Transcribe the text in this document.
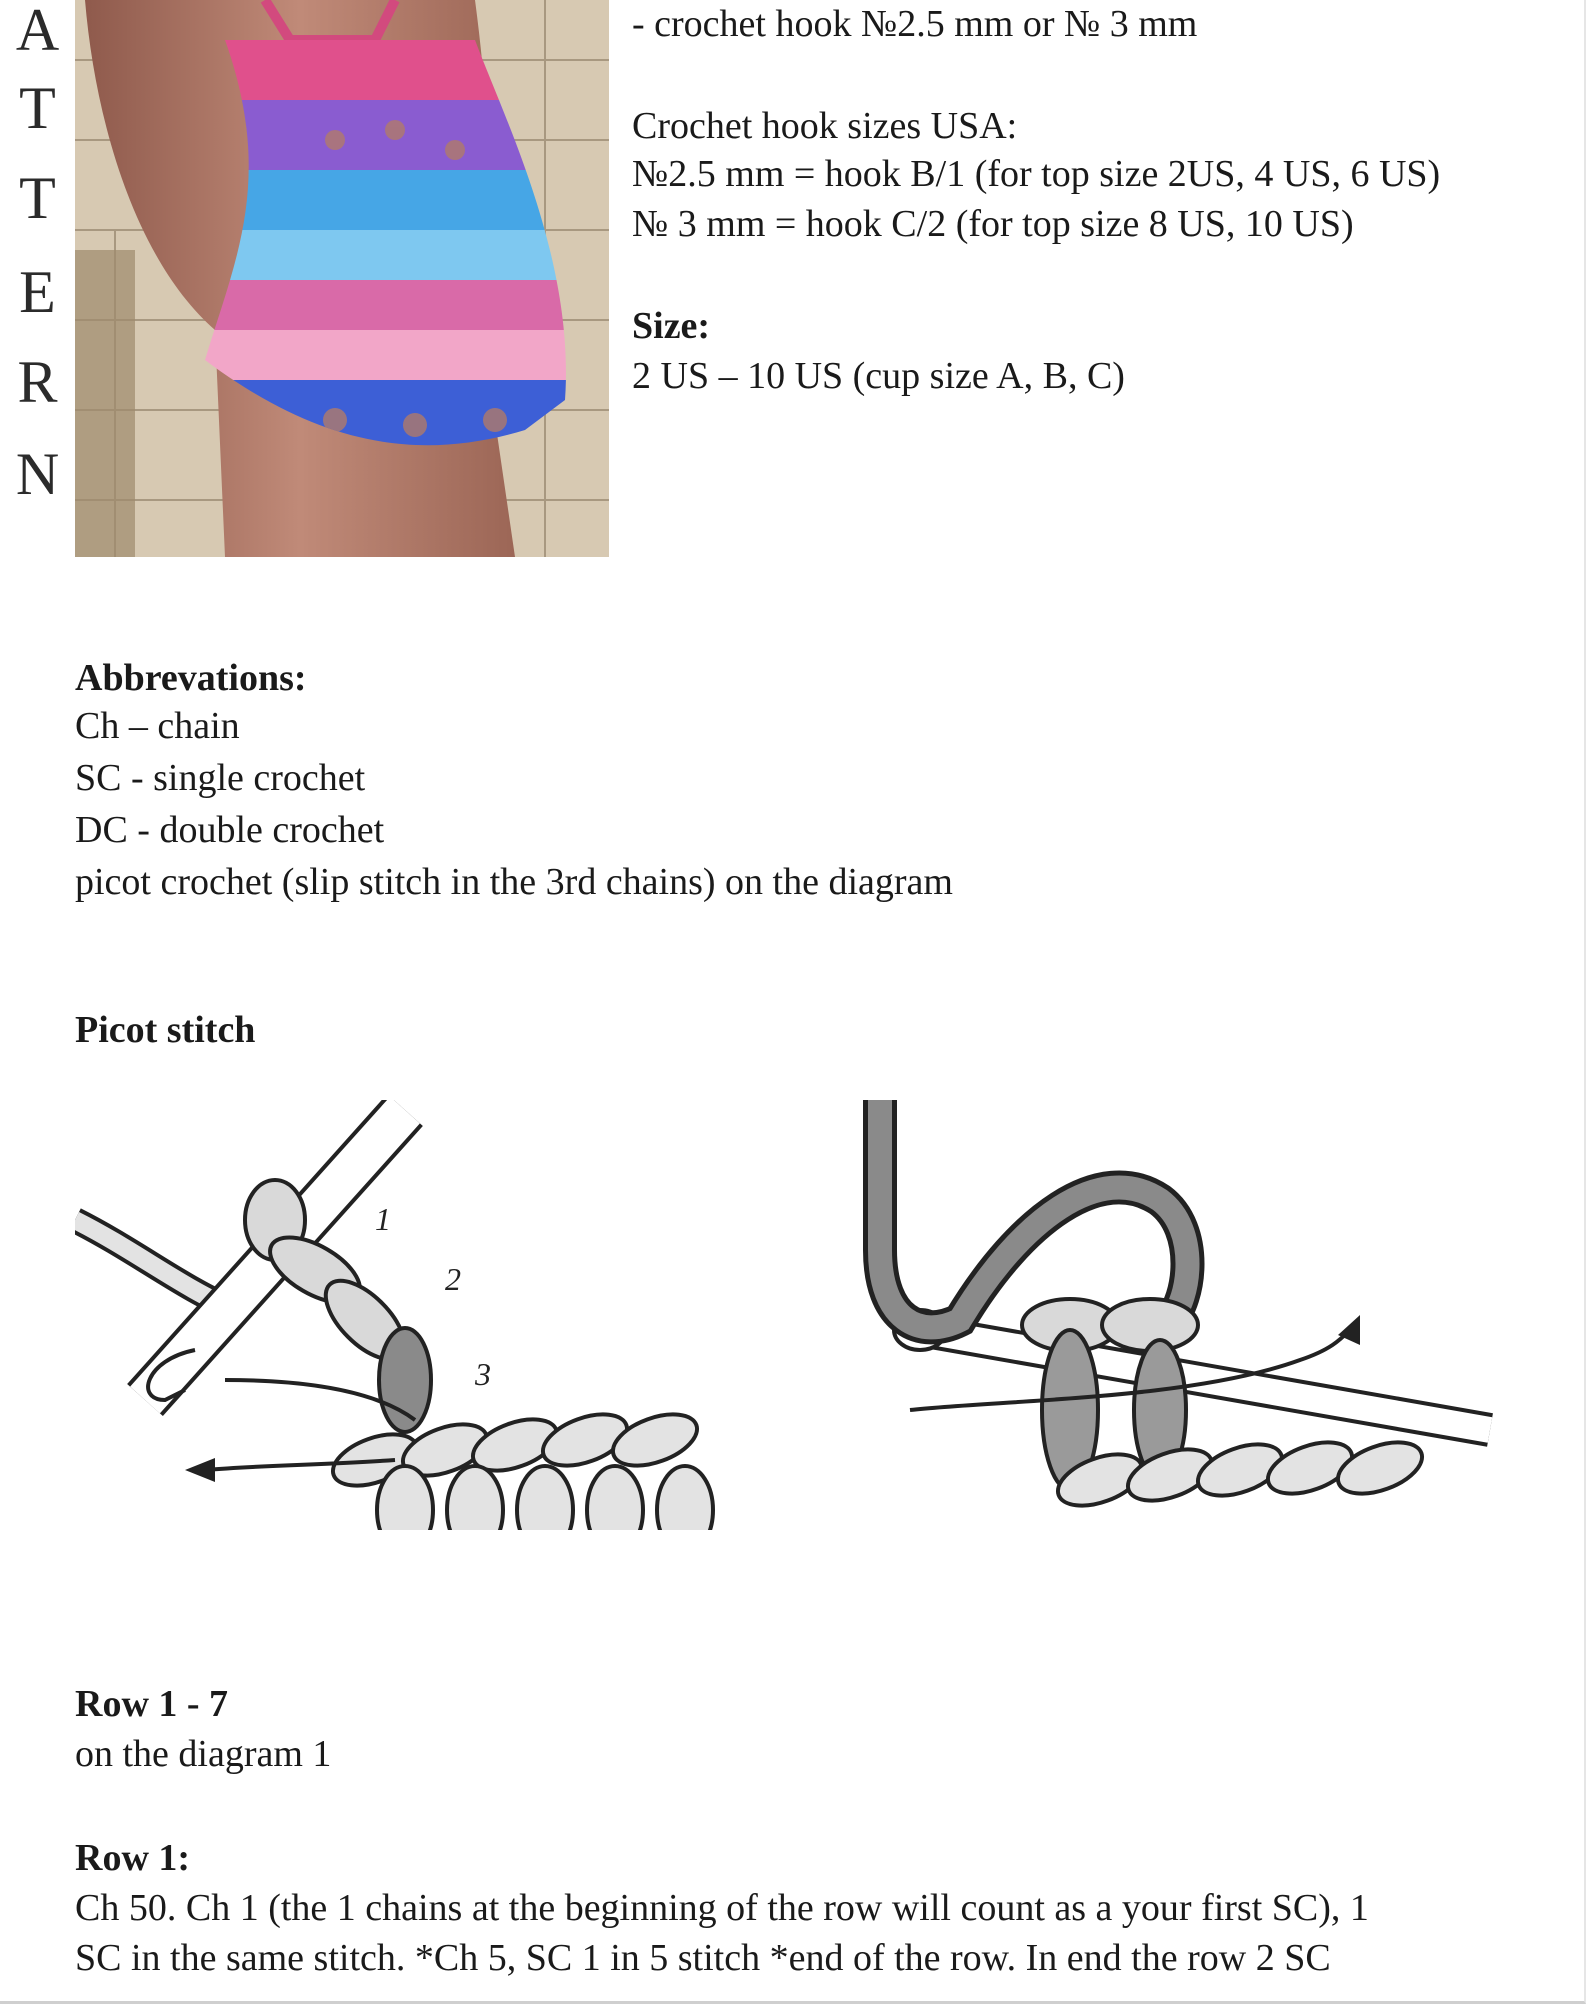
A
T
T
E
R
N
- crochet hook №2.5 mm or № 3 mm
Crochet hook sizes USA:
№2.5 mm = hook B/1 (for top size 2US, 4 US, 6 US)
№ 3 mm = hook C/2 (for top size 8 US, 10 US)
Size:
2 US – 10 US (cup size A, B, C)
Abbrevations:
Ch – chain
SC - single crochet
DC - double crochet
picot crochet (slip stitch in the 3rd chains) on the diagram
Picot stitch
1
2
3
Row 1 - 7
on the diagram 1
Row 1:
Ch 50. Ch 1 (the 1 chains at the beginning of the row will count as a your first SC), 1
SC in the same stitch. *Ch 5, SC 1 in 5 stitch *end of the row. In end the row 2 SC
